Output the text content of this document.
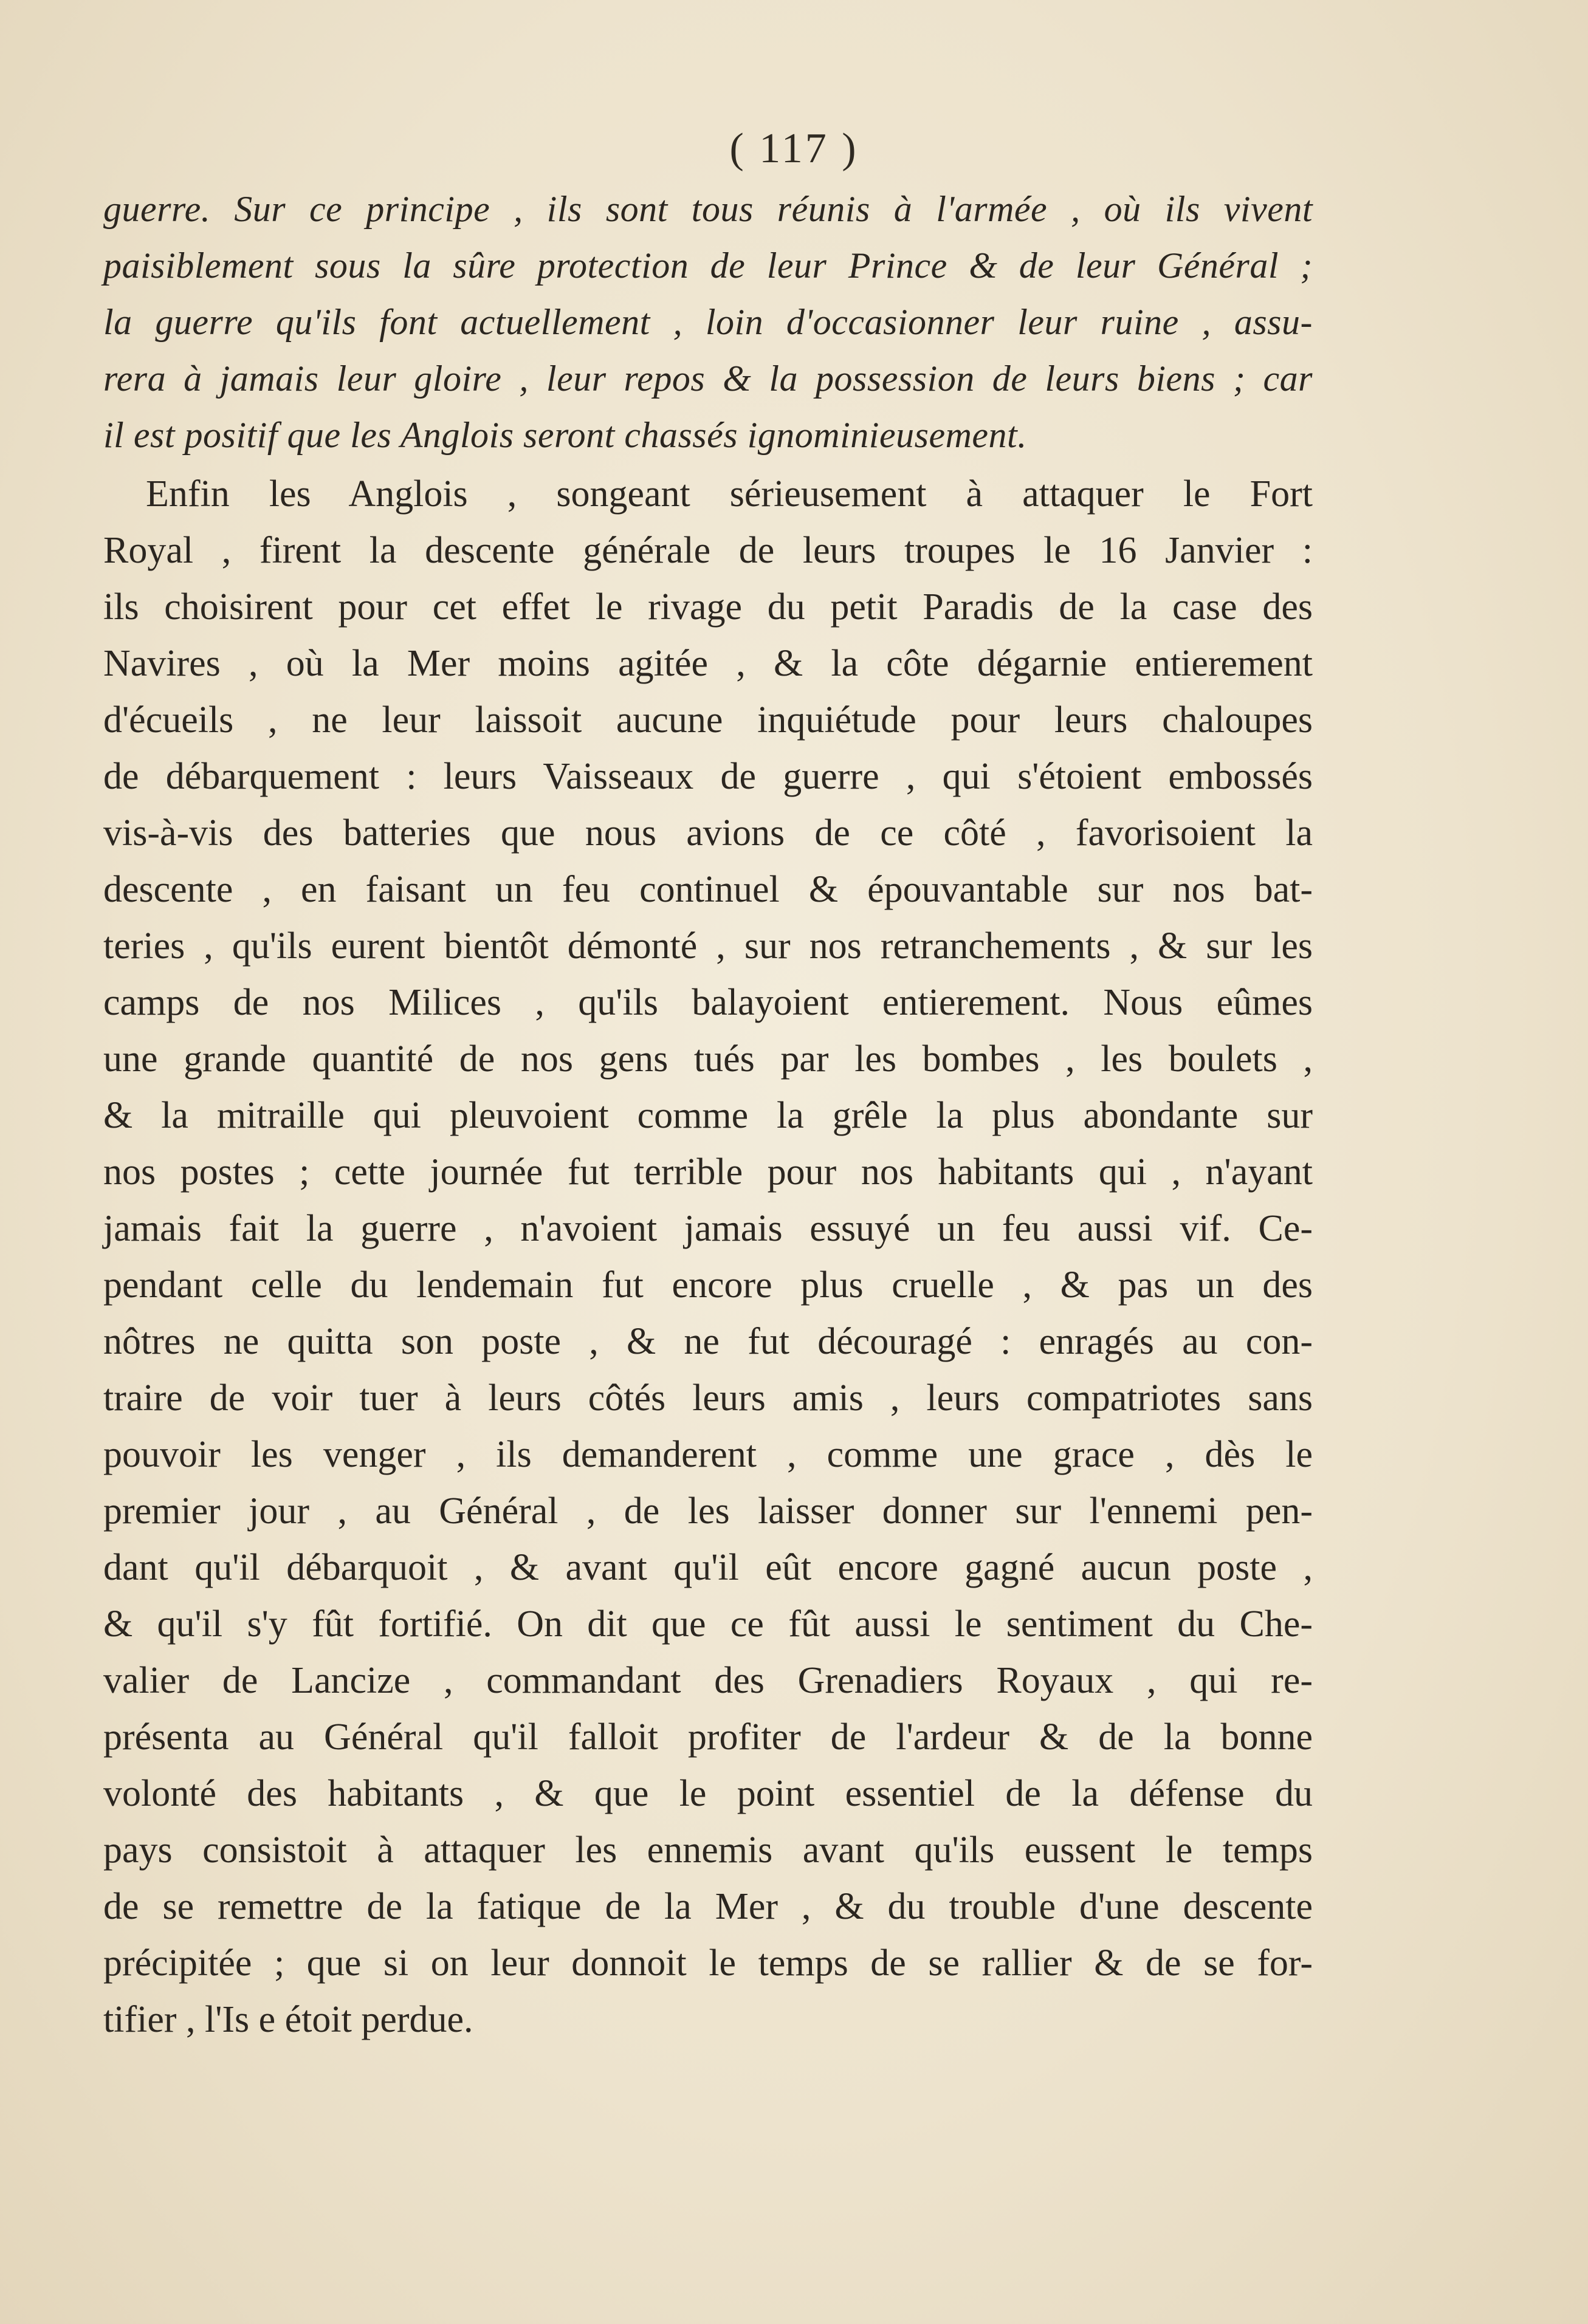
( 117 )
guerre. Sur ce principe , ils sont tous réunis à l'armée , où ils vivent
paisiblement sous la sûre protection de leur Prince & de leur Général ;
la guerre qu'ils font actuellement , loin d'occasionner leur ruine , assu-
rera à jamais leur gloire , leur repos & la possession de leurs biens ; car
il est positif que les Anglois seront chassés ignominieusement.
Enfin les Anglois , songeant sérieusement à attaquer le Fort
Royal , firent la descente générale de leurs troupes le 16 Janvier :
ils choisirent pour cet effet le rivage du petit Paradis de la case des
Navires , où la Mer moins agitée , & la côte dégarnie entierement
d'écueils , ne leur laissoit aucune inquiétude pour leurs chaloupes
de débarquement : leurs Vaisseaux de guerre , qui s'étoient embossés
vis-à-vis des batteries que nous avions de ce côté , favorisoient la
descente , en faisant un feu continuel & épouvantable sur nos bat-
teries , qu'ils eurent bientôt démonté , sur nos retranchements , & sur les
camps de nos Milices , qu'ils balayoient entierement. Nous eûmes
une grande quantité de nos gens tués par les bombes , les boulets ,
& la mitraille qui pleuvoient comme la grêle la plus abondante sur
nos postes ; cette journée fut terrible pour nos habitants qui , n'ayant
jamais fait la guerre , n'avoient jamais essuyé un feu aussi vif. Ce-
pendant celle du lendemain fut encore plus cruelle , & pas un des
nôtres ne quitta son poste , & ne fut découragé : enragés au con-
traire de voir tuer à leurs côtés leurs amis , leurs compatriotes sans
pouvoir les venger , ils demanderent , comme une grace , dès le
premier jour , au Général , de les laisser donner sur l'ennemi pen-
dant qu'il débarquoit , & avant qu'il eût encore gagné aucun poste ,
& qu'il s'y fût fortifié. On dit que ce fût aussi le sentiment du Che-
valier de Lancize , commandant des Grenadiers Royaux , qui re-
présenta au Général qu'il falloit profiter de l'ardeur & de la bonne
volonté des habitants , & que le point essentiel de la défense du
pays consistoit à attaquer les ennemis avant qu'ils eussent le temps
de se remettre de la fatique de la Mer , & du trouble d'une descente
précipitée ; que si on leur donnoit le temps de se rallier & de se for-
tifier , l'Is e étoit perdue.
